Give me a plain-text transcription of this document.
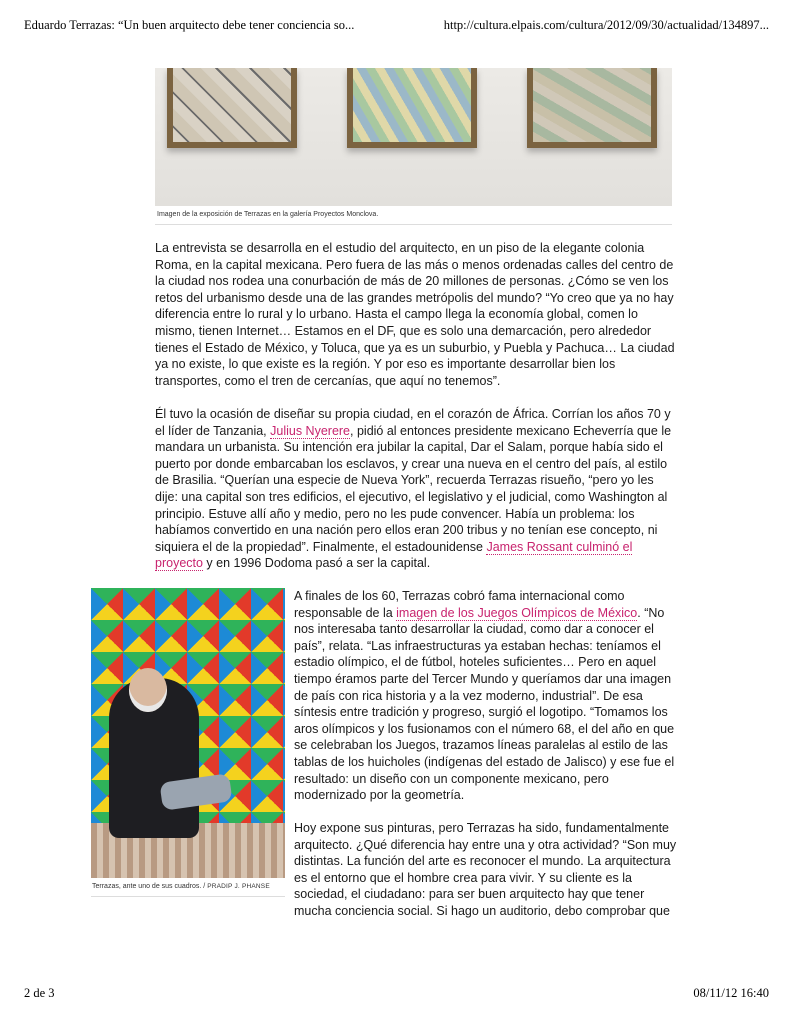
Eduardo Terrazas: “Un buen arquitecto debe tener conciencia so...	http://cultura.elpais.com/cultura/2012/09/30/actualidad/134897...
Imagen de la exposición de Terrazas en la galería Proyectos Monclova.

La entrevista se desarrolla en el estudio del arquitecto, en un piso de la elegante colonia Roma, en la capital mexicana. Pero fuera de las más o menos ordenadas calles del centro de la ciudad nos rodea una conurbación de más de 20 millones de personas. ¿Cómo se ven los retos del urbanismo desde una de las grandes metrópolis del mundo? “Yo creo que ya no hay diferencia entre lo rural y lo urbano. Hasta el campo llega la economía global, comen lo mismo, tienen Internet… Estamos en el DF, que es solo una demarcación, pero alrededor tienes el Estado de México, y Toluca, que ya es un suburbio, y Puebla y Pachuca… La ciudad ya no existe, lo que existe es la región. Y por eso es importante desarrollar bien los transportes, como el tren de cercanías, que aquí no tenemos”.

Él tuvo la ocasión de diseñar su propia ciudad, en el corazón de África. Corrían los años 70 y el líder de Tanzania, Julius Nyerere, pidió al entonces presidente mexicano Echeverría que le mandara un urbanista. Su intención era jubilar la capital, Dar el Salam, porque había sido el puerto por donde embarcaban los esclavos, y crear una nueva en el centro del país, al estilo de Brasilia. “Querían una especie de Nueva York”, recuerda Terrazas risueño, “pero yo les dije: una capital son tres edificios, el ejecutivo, el legislativo y el judicial, como Washington al principio. Estuve allí año y medio, pero no les pude convencer. Había un problema: los habíamos convertido en una nación pero ellos eran 200 tribus y no tenían ese concepto, ni siquiera el de la propiedad”. Finalmente, el estadounidense James Rossant culminó el proyecto y en 1996 Dodoma pasó a ser la capital.

Terrazas, ante uno de sus cuadros. / PRADIP J. PHANSE

A finales de los 60, Terrazas cobró fama internacional como responsable de la imagen de los Juegos Olímpicos de México. “No nos interesaba tanto desarrollar la ciudad, como dar a conocer el país”, relata. “Las infraestructuras ya estaban hechas: teníamos el estadio olímpico, el de fútbol, hoteles suficientes… Pero en aquel tiempo éramos parte del Tercer Mundo y queríamos dar una imagen de país con rica historia y a la vez moderno, industrial”. De esa síntesis entre tradición y progreso, surgió el logotipo. “Tomamos los aros olímpicos y los fusionamos con el número 68, el del año en que se celebraban los Juegos, trazamos líneas paralelas al estilo de las tablas de los huicholes (indígenas del estado de Jalisco) y ese fue el resultado: un diseño con un componente mexicano, pero modernizado por la geometría.

Hoy expone sus pinturas, pero Terrazas ha sido, fundamentalmente arquitecto. ¿Qué diferencia hay entre una y otra actividad? “Son muy distintas. La función del arte es reconocer el mundo. La arquitectura es el entorno que el hombre crea para vivir. Y su cliente es la sociedad, el ciudadano: para ser buen arquitecto hay que tener mucha conciencia social. Si hago un auditorio, debo comprobar que

2 de 3	08/11/12 16:40
